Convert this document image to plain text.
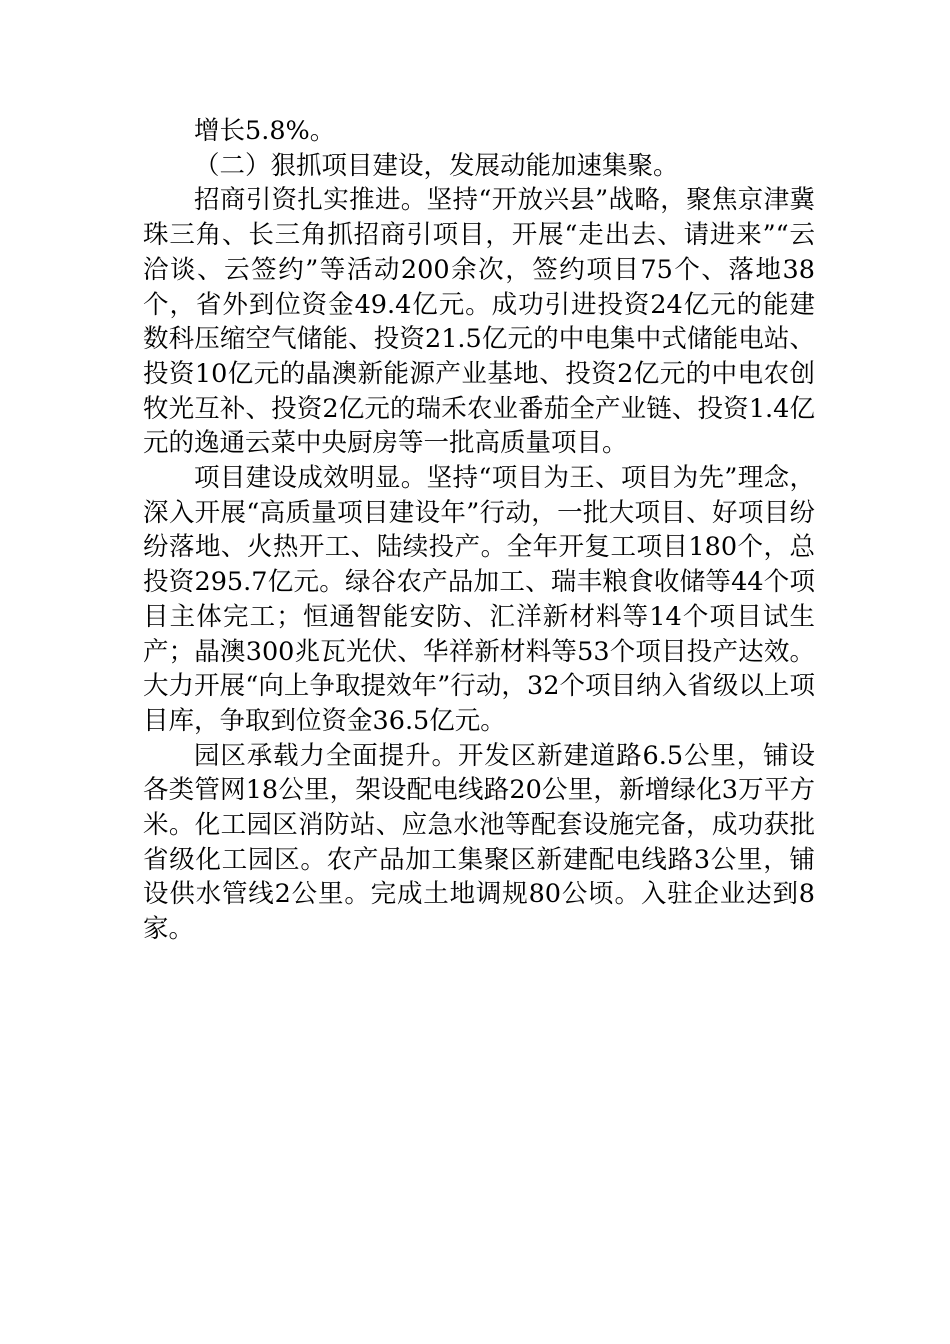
增长5.8%。

（二）狠抓项目建设，发展动能加速集聚。

招商引资扎实推进。坚持“开放兴县”战略，聚焦京津冀珠三角、长三角抓招商引项目，开展“走出去、请进来”“云洽谈、云签约”等活动200余次，签约项目75个、落地38个，省外到位资金49.4亿元。成功引进投资24亿元的能建数科压缩空气储能、投资21.5亿元的中电集中式储能电站、投资10亿元的晶澳新能源产业基地、投资2亿元的中电农创牧光互补、投资2亿元的瑞禾农业番茄全产业链、投资1.4亿元的逸通云菜中央厨房等一批高质量项目。

项目建设成效明显。坚持“项目为王、项目为先”理念，深入开展“高质量项目建设年”行动，一批大项目、好项目纷纷落地、火热开工、陆续投产。全年开复工项目180个，总投资295.7亿元。绿谷农产品加工、瑞丰粮食收储等44个项目主体完工；恒通智能安防、汇洋新材料等14个项目试生产；晶澳300兆瓦光伏、华祥新材料等53个项目投产达效。大力开展“向上争取提效年”行动，32个项目纳入省级以上项目库，争取到位资金36.5亿元。

园区承载力全面提升。开发区新建道路6.5公里，铺设各类管网18公里，架设配电线路20公里，新增绿化3万平方米。化工园区消防站、应急水池等配套设施完备，成功获批省级化工园区。农产品加工集聚区新建配电线路3公里，铺设供水管线2公里。完成土地调规80公顷。入驻企业达到8家。
